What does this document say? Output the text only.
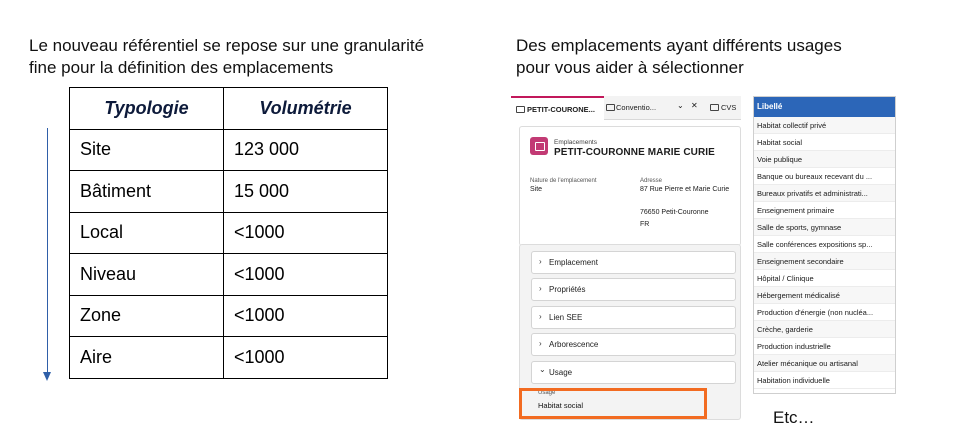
Le nouveau référentiel se repose sur une granularité
fine pour la définition des emplacements
Des emplacements ayant différents usages
pour vous aider à sélectionner
Typologie	Volumétrie
Site	123 000
Bâtiment	15 000
Local	<1000
Niveau	<1000
Zone	<1000
Aire	<1000
PETIT-COURONE...	Conventio...	⌄ ✕	CVS
Emplacements
PETIT-COURONNE MARIE CURIE
Nature de l'emplacement
Site
Adresse
87 Rue Pierre et Marie Curie
76650 Petit-Couronne
FR
› Emplacement
› Propriétés
› Lien SEE
› Arborescence
⌄ Usage
Usage
Habitat social
Libellé
Habitat collectif privé
Habitat social
Voie publique
Banque ou bureaux recevant du ...
Bureaux privatifs et administrati...
Enseignement primaire
Salle de sports, gymnase
Salle conférences expositions sp...
Enseignement secondaire
Hôpital / Clinique
Hébergement médicalisé
Production d'énergie (non nucléa...
Crèche, garderie
Production industrielle
Atelier mécanique ou artisanal
Habitation individuelle
Etc…
